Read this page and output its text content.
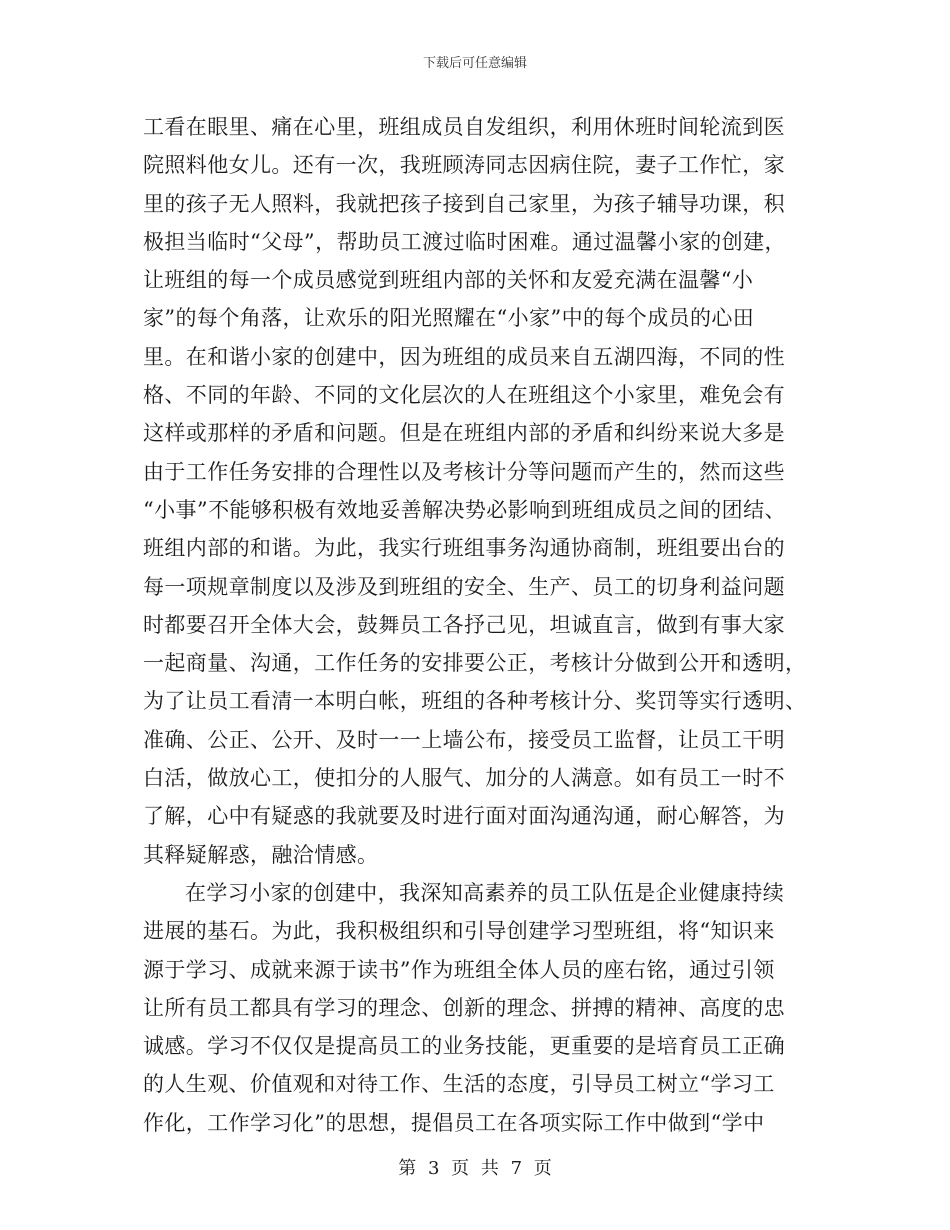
下载后可任意编辑
工看在眼里、痛在心里，班组成员自发组织，利用休班时间轮流到医
院照料他女儿。还有一次，我班顾涛同志因病住院，妻子工作忙，家
里的孩子无人照料，我就把孩子接到自己家里，为孩子辅导功课，积
极担当临时“父母”，帮助员工渡过临时困难。通过温馨小家的创建，
让班组的每一个成员感觉到班组内部的关怀和友爱充满在温馨“小
家”的每个角落，让欢乐的阳光照耀在“小家”中的每个成员的心田
里。在和谐小家的创建中，因为班组的成员来自五湖四海，不同的性
格、不同的年龄、不同的文化层次的人在班组这个小家里，难免会有
这样或那样的矛盾和问题。但是在班组内部的矛盾和纠纷来说大多是
由于工作任务安排的合理性以及考核计分等问题而产生的，然而这些
“小事”不能够积极有效地妥善解决势必影响到班组成员之间的团结、
班组内部的和谐。为此，我实行班组事务沟通协商制，班组要出台的
每一项规章制度以及涉及到班组的安全、生产、员工的切身利益问题
时都要召开全体大会，鼓舞员工各抒己见，坦诚直言，做到有事大家
一起商量、沟通，工作任务的安排要公正，考核计分做到公开和透明，
为了让员工看清一本明白帐，班组的各种考核计分、奖罚等实行透明、
准确、公正、公开、及时一一上墙公布，接受员工监督，让员工干明
白活，做放心工，使扣分的人服气、加分的人满意。如有员工一时不
了解，心中有疑惑的我就要及时进行面对面沟通沟通，耐心解答，为
其释疑解惑，融洽情感。
在学习小家的创建中，我深知高素养的员工队伍是企业健康持续
进展的基石。为此，我积极组织和引导创建学习型班组，将“知识来
源于学习、成就来源于读书”作为班组全体人员的座右铭，通过引领
让所有员工都具有学习的理念、创新的理念、拼搏的精神、高度的忠
诚感。学习不仅仅是提高员工的业务技能，更重要的是培育员工正确
的人生观、价值观和对待工作、生活的态度，引导员工树立“学习工
作化，工作学习化”的思想，提倡员工在各项实际工作中做到“学中
第 3 页 共 7 页
